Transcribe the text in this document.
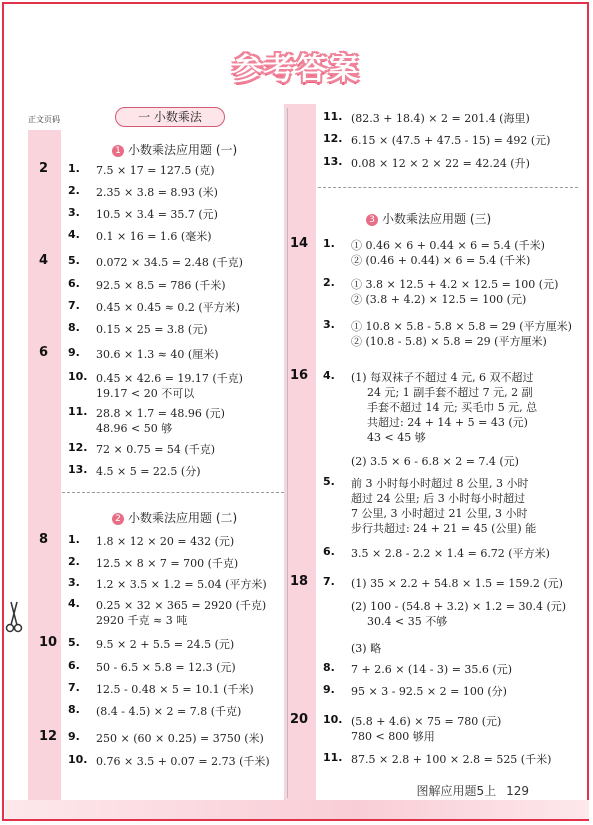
参考答案
正文页码	一 小数乘法
1 小数乘法应用题 (一)
2 小数乘法应用题 (二)
3 小数乘法应用题 (三)
2 1. 7.5 × 17 = 127.5 (克)
2. 2.35 × 3.8 = 8.93 (米)
3. 10.5 × 3.4 = 35.7 (元)
4. 0.1 × 16 = 1.6 (毫米)
4 5. 0.072 × 34.5 = 2.48 (千克)
6. 92.5 × 8.5 = 786 (千米)
7. 0.45 × 0.45 ≈ 0.2 (平方米)
8. 0.15 × 25 = 3.8 (元)
6 9. 30.6 × 1.3 ≈ 40 (厘米)
10. 0.45 × 42.6 = 19.17 (千克)
19.17 < 20 不可以
11. 28.8 × 1.7 = 48.96 (元)
48.96 < 50 够
12. 72 × 0.75 = 54 (千克)
13. 4.5 × 5 = 22.5 (分)
8 1. 1.8 × 12 × 20 = 432 (元)
2. 12.5 × 8 × 7 = 700 (千克)
3. 1.2 × 3.5 × 1.2 = 5.04 (平方米)
4. 0.25 × 32 × 365 = 2920 (千克)
2920 千克 ≈ 3 吨
10 5. 9.5 × 2 + 5.5 = 24.5 (元)
6. 50 - 6.5 × 5.8 = 12.3 (元)
7. 12.5 - 0.48 × 5 = 10.1 (千米)
8. (8.4 - 4.5) × 2 = 7.8 (千克)
12 9. 250 × (60 × 0.25) = 3750 (米)
10. 0.76 × 3.5 + 0.07 = 2.73 (千米)
11. (82.3 + 18.4) × 2 = 201.4 (海里)
12. 6.15 × (47.5 + 47.5 - 15) = 492 (元)
13. 0.08 × 12 × 2 × 22 = 42.24 (升)
14 1. ① 0.46 × 6 + 0.44 × 6 = 5.4 (千米)
② (0.46 + 0.44) × 6 = 5.4 (千米)
2. ① 3.8 × 12.5 + 4.2 × 12.5 = 100 (元)
② (3.8 + 4.2) × 12.5 = 100 (元)
3. ① 10.8 × 5.8 - 5.8 × 5.8 = 29 (平方厘米)
② (10.8 - 5.8) × 5.8 = 29 (平方厘米)
16 4. (1) 每双袜子不超过 4 元, 6 双不超过
24 元; 1 副手套不超过 7 元, 2 副
手套不超过 14 元; 买毛巾 5 元, 总
共超过: 24 + 14 + 5 = 43 (元)
43 < 45 够
(2) 3.5 × 6 - 6.8 × 2 = 7.4 (元)
5. 前 3 小时每小时超过 8 公里, 3 小时
超过 24 公里; 后 3 小时每小时超过
7 公里, 3 小时超过 21 公里, 3 小时
步行共超过: 24 + 21 = 45 (公里) 能
6. 3.5 × 2.8 - 2.2 × 1.4 = 6.72 (平方米)
18 7. (1) 35 × 2.2 + 54.8 × 1.5 = 159.2 (元)
(2) 100 - (54.8 + 3.2) × 1.2 = 30.4 (元)
30.4 < 35 不够
(3) 略
8. 7 + 2.6 × (14 - 3) = 35.6 (元)
9. 95 × 3 - 92.5 × 2 = 100 (分)
20 10. (5.8 + 4.6) × 75 = 780 (元)
780 < 800 够用
11. 87.5 × 2.8 + 100 × 2.8 = 525 (千米)
图解应用题5上 129
